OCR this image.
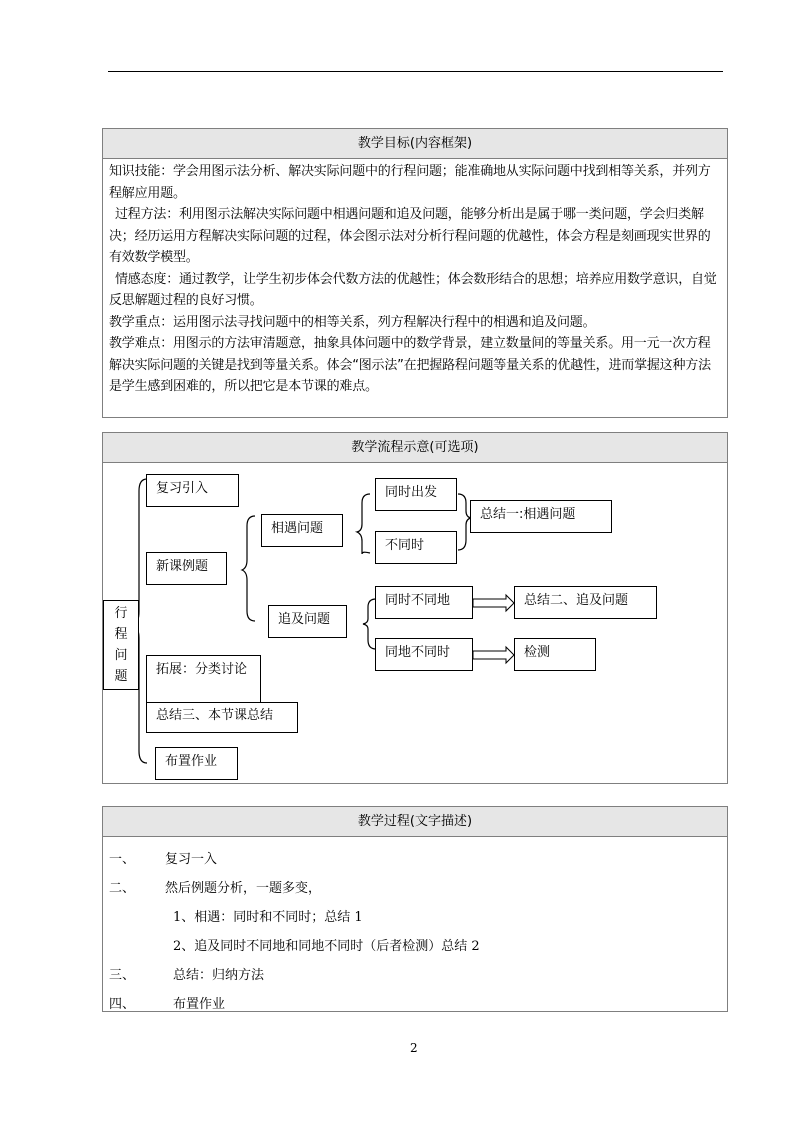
教学目标(内容框架)

知识技能：学会用图示法分析、解决实际问题中的行程问题；能准确地从实际问题中找到相等关系，并列方程解应用题。

过程方法：利用图示法解决实际问题中相遇问题和追及问题，能够分析出是属于哪一类问题，学会归类解决；经历运用方程解决实际问题的过程，体会图示法对分析行程问题的优越性，体会方程是刻画现实世界的有效数学模型。

情感态度：通过教学，让学生初步体会代数方法的优越性；体会数形结合的思想；培养应用数学意识，自觉反思解题过程的良好习惯。

教学重点：运用图示法寻找问题中的相等关系，列方程解决行程中的相遇和追及问题。

教学难点：用图示的方法审清题意，抽象具体问题中的数学背景，建立数量间的等量关系。用一元一次方程解决实际问题的关键是找到等量关系。体会“图示法”在把握路程问题等量关系的优越性，进而掌握这种方法是学生感到困难的，所以把它是本节课的难点。

教学流程示意(可选项)
行程问题
复习引入
新课例题
相遇问题
追及问题
同时出发
不同时
总结一:相遇问题
同时不同地	总结二、追及问题
同地不同时	检测
拓展：分类讨论
总结三、本节课总结
布置作业
教学过程(文字描述)
一、 复习一入
二、 然后例题分析，一题多变，
1、相遇：同时和不同时；总结 1
2、追及同时不同地和同地不同时（后者检测）总结 2
三、	总结：归纳方法
四、	布置作业
2
